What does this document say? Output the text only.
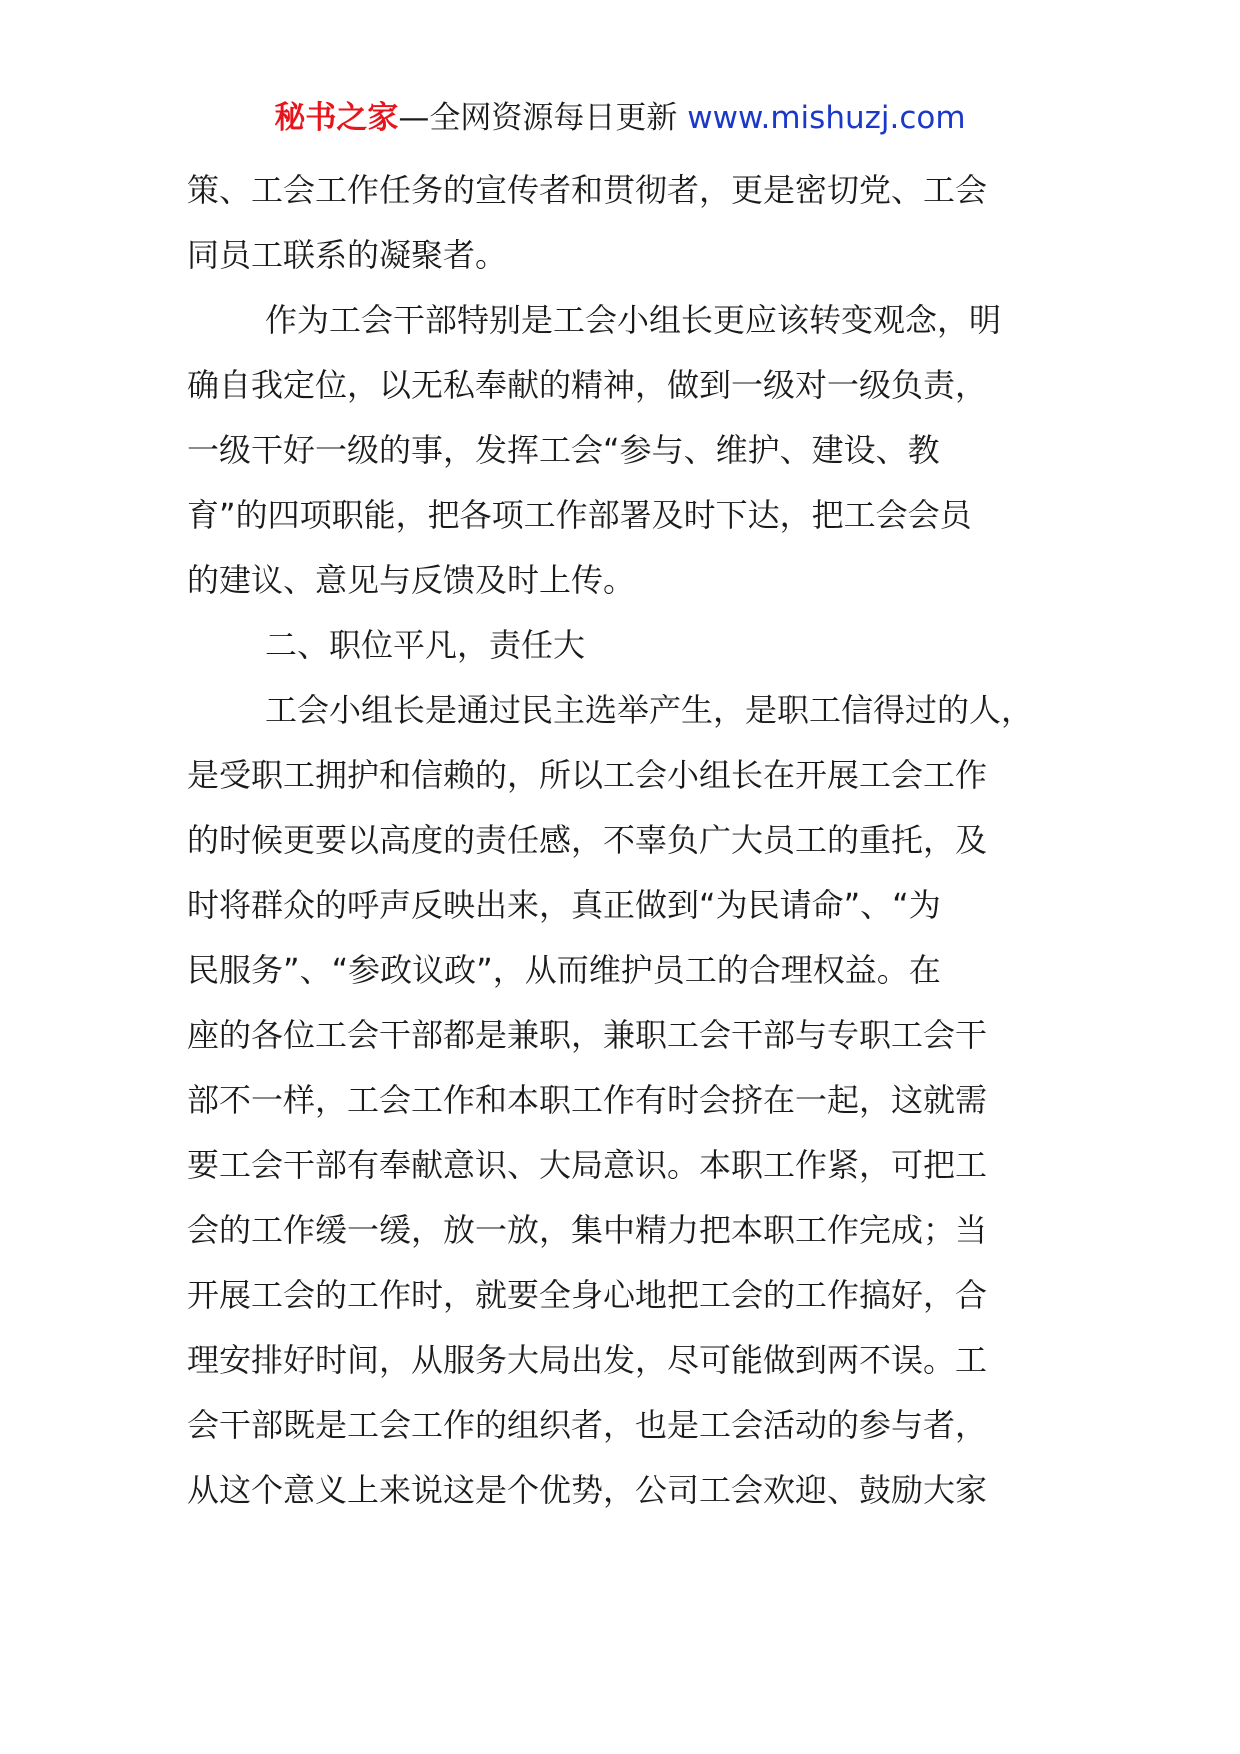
秘书之家—全网资源每日更新 www.mishuzj.com
策、工会工作任务的宣传者和贯彻者，更是密切党、工会
同员工联系的凝聚者。
作为工会干部特别是工会小组长更应该转变观念，明
确自我定位，以无私奉献的精神，做到一级对一级负责，
一级干好一级的事，发挥工会“参与、维护、建设、教
育”的四项职能，把各项工作部署及时下达，把工会会员
的建议、意见与反馈及时上传。
二、职位平凡，责任大
工会小组长是通过民主选举产生，是职工信得过的人，
是受职工拥护和信赖的，所以工会小组长在开展工会工作
的时候更要以高度的责任感，不辜负广大员工的重托，及
时将群众的呼声反映出来，真正做到“为民请命”、“为
民服务”、“参政议政”，从而维护员工的合理权益。在
座的各位工会干部都是兼职，兼职工会干部与专职工会干
部不一样，工会工作和本职工作有时会挤在一起，这就需
要工会干部有奉献意识、大局意识。本职工作紧，可把工
会的工作缓一缓，放一放，集中精力把本职工作完成；当
开展工会的工作时，就要全身心地把工会的工作搞好，合
理安排好时间，从服务大局出发，尽可能做到两不误。工
会干部既是工会工作的组织者，也是工会活动的参与者，
从这个意义上来说这是个优势，公司工会欢迎、鼓励大家
